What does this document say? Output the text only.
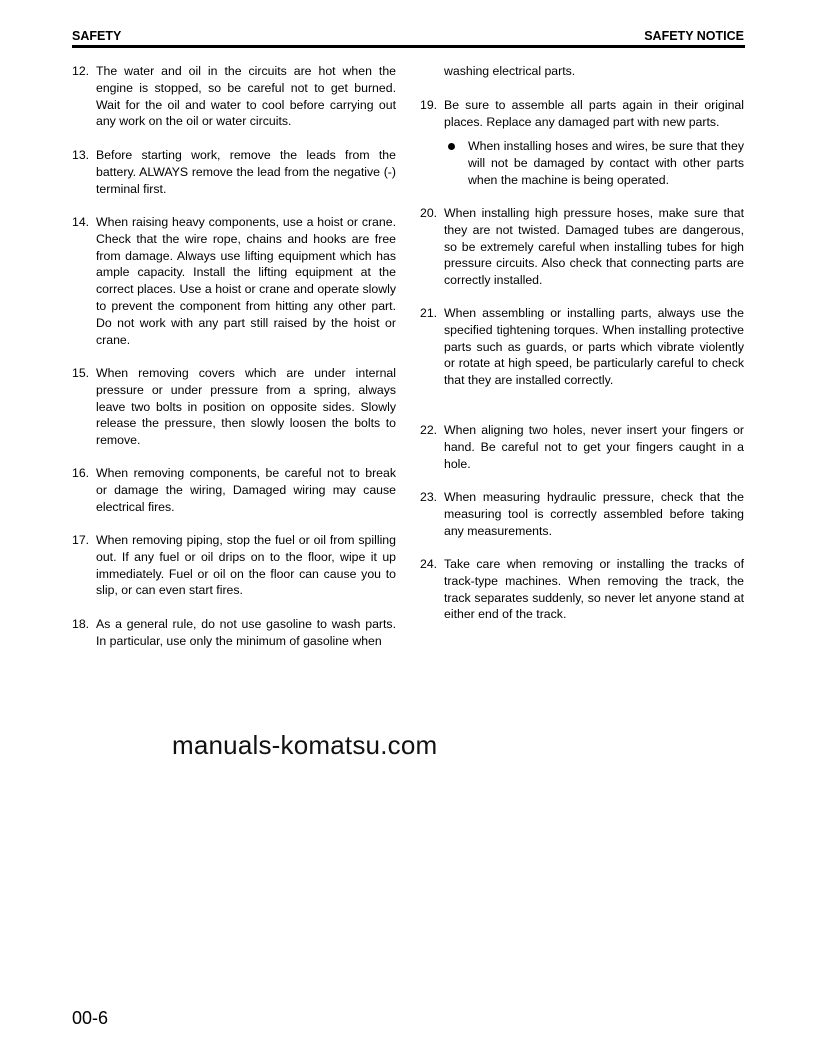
SAFETY	SAFETY NOTICE
12. The water and oil in the circuits are hot when the engine is stopped, so be careful not to get burned. Wait for the oil and water to cool before carrying out any work on the oil or water circuits.
13. Before starting work, remove the leads from the battery. ALWAYS remove the lead from the negative (-) terminal first.
14. When raising heavy components, use a hoist or crane. Check that the wire rope, chains and hooks are free from damage. Always use lifting equipment which has ample capacity. Install the lifting equipment at the correct places. Use a hoist or crane and operate slowly to prevent the component from hitting any other part. Do not work with any part still raised by the hoist or crane.
15. When removing covers which are under internal pressure or under pressure from a spring, always leave two bolts in position on opposite sides. Slowly release the pressure, then slowly loosen the bolts to remove.
16. When removing components, be careful not to break or damage the wiring, Damaged wiring may cause electrical fires.
17. When removing piping, stop the fuel or oil from spilling out. If any fuel or oil drips on to the floor, wipe it up immediately. Fuel or oil on the floor can cause you to slip, or can even start fires.
18. As a general rule, do not use gasoline to wash parts. In particular, use only the minimum of gasoline when
washing electrical parts.
19. Be sure to assemble all parts again in their original places. Replace any damaged part with new parts.
When installing hoses and wires, be sure that they will not be damaged by contact with other parts when the machine is being operated.
20. When installing high pressure hoses, make sure that they are not twisted. Damaged tubes are dangerous, so be extremely careful when installing tubes for high pressure circuits. Also check that connecting parts are correctly installed.
21. When assembling or installing parts, always use the specified tightening torques. When installing protective parts such as guards, or parts which vibrate violently or rotate at high speed, be particularly careful to check that they are installed correctly.
22. When aligning two holes, never insert your fingers or hand. Be careful not to get your fingers caught in a hole.
23. When measuring hydraulic pressure, check that the measuring tool is correctly assembled before taking any measurements.
24. Take care when removing or installing the tracks of track-type machines. When removing the track, the track separates suddenly, so never let anyone stand at either end of the track.
manuals-komatsu.com
00-6
